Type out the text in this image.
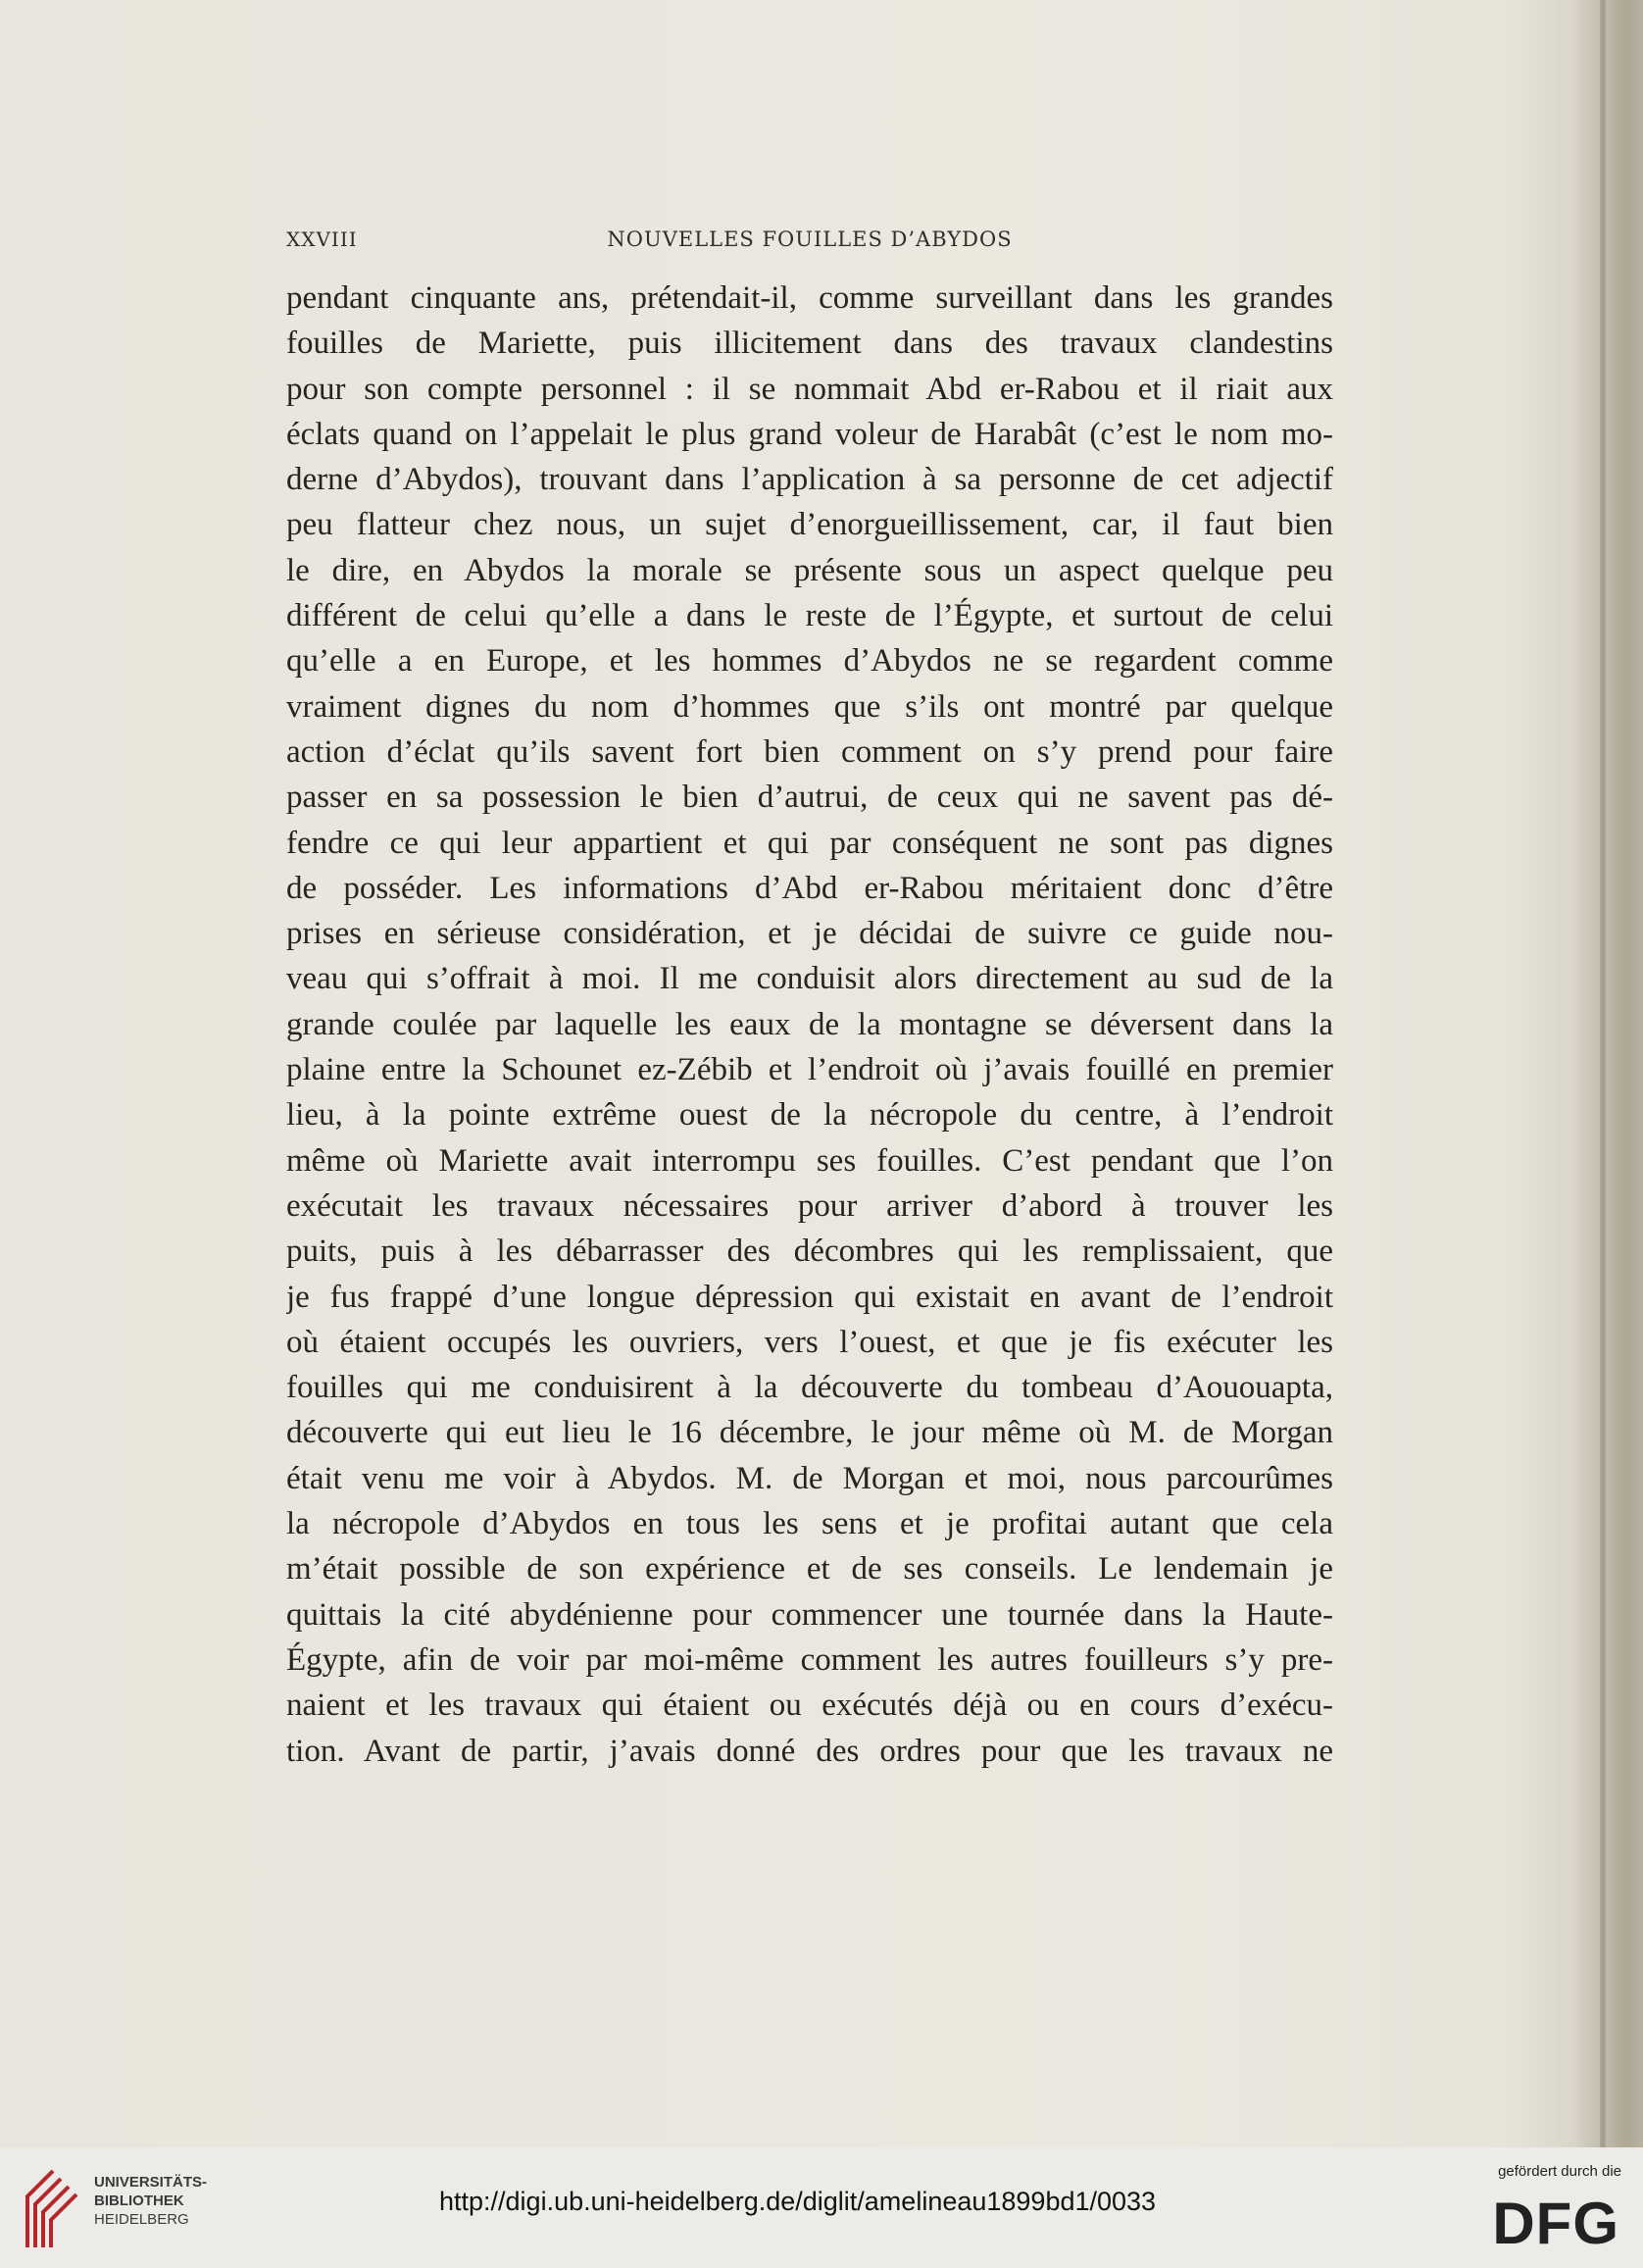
XXVIII	NOUVELLES FOUILLES D’ABYDOS
pendant cinquante ans, prétendait-il, comme surveillant dans les grandes
fouilles de Mariette, puis illicitement dans des travaux clandestins
pour son compte personnel : il se nommait Abd er-Rabou et il riait aux
éclats quand on l’appelait le plus grand voleur de Harabât (c’est le nom mo-
derne d’Abydos), trouvant dans l’application à sa personne de cet adjectif
peu flatteur chez nous, un sujet d’enorgueillissement, car, il faut bien
le dire, en Abydos la morale se présente sous un aspect quelque peu
différent de celui qu’elle a dans le reste de l’Égypte, et surtout de celui
qu’elle a en Europe, et les hommes d’Abydos ne se regardent comme
vraiment dignes du nom d’hommes que s’ils ont montré par quelque
action d’éclat qu’ils savent fort bien comment on s’y prend pour faire
passer en sa possession le bien d’autrui, de ceux qui ne savent pas dé-
fendre ce qui leur appartient et qui par conséquent ne sont pas dignes
de posséder. Les informations d’Abd er-Rabou méritaient donc d’être
prises en sérieuse considération, et je décidai de suivre ce guide nou-
veau qui s’offrait à moi. Il me conduisit alors directement au sud de la
grande coulée par laquelle les eaux de la montagne se déversent dans la
plaine entre la Schounet ez-Zébib et l’endroit où j’avais fouillé en premier
lieu, à la pointe extrême ouest de la nécropole du centre, à l’endroit
même où Mariette avait interrompu ses fouilles. C’est pendant que l’on
exécutait les travaux nécessaires pour arriver d’abord à trouver les
puits, puis à les débarrasser des décombres qui les remplissaient, que
je fus frappé d’une longue dépression qui existait en avant de l’endroit
où étaient occupés les ouvriers, vers l’ouest, et que je fis exécuter les
fouilles qui me conduisirent à la découverte du tombeau d’Aououapta,
découverte qui eut lieu le 16 décembre, le jour même où M. de Morgan
était venu me voir à Abydos. M. de Morgan et moi, nous parcourûmes
la nécropole d’Abydos en tous les sens et je profitai autant que cela
m’était possible de son expérience et de ses conseils. Le lendemain je
quittais la cité abydénienne pour commencer une tournée dans la Haute-
Égypte, afin de voir par moi-même comment les autres fouilleurs s’y pre-
naient et les travaux qui étaient ou exécutés déjà ou en cours d’exécu-
tion. Avant de partir, j’avais donné des ordres pour que les travaux ne
UNIVERSITÄTS-
BIBLIOTHEK
HEIDELBERG
http://digi.ub.uni-heidelberg.de/diglit/amelineau1899bd1/0033
gefördert durch die
DFG
